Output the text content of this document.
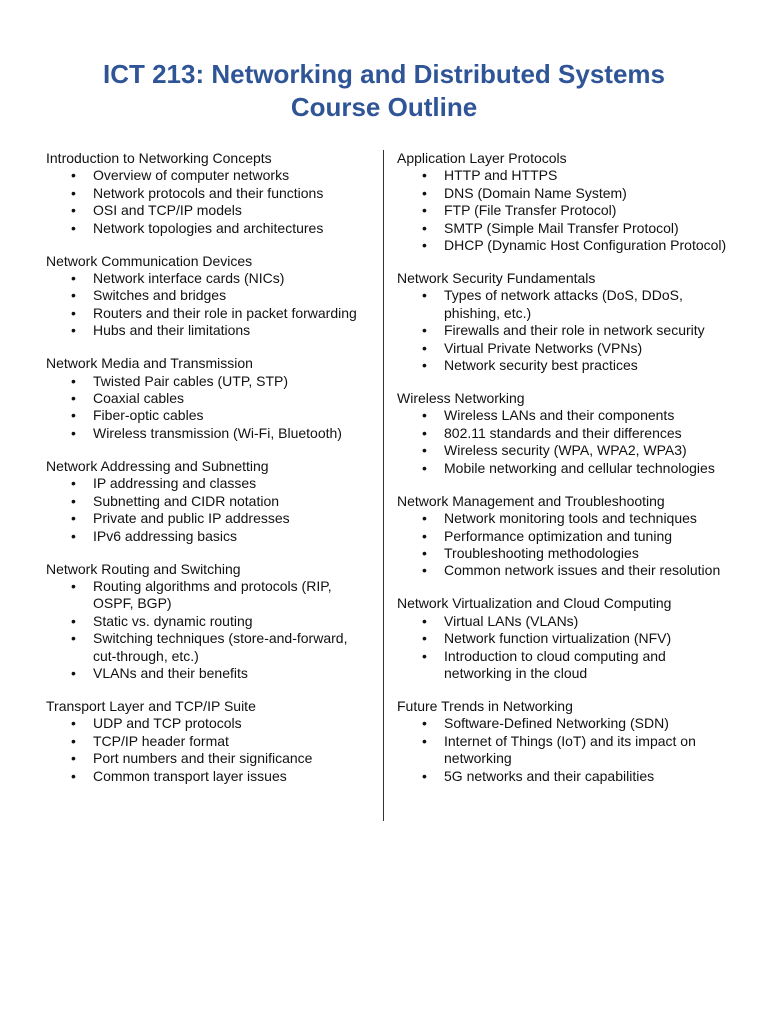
ICT 213: Networking and Distributed Systems
Course Outline
Introduction to Networking Concepts
• Overview of computer networks
• Network protocols and their functions
• OSI and TCP/IP models
• Network topologies and architectures
Network Communication Devices
• Network interface cards (NICs)
• Switches and bridges
• Routers and their role in packet forwarding
• Hubs and their limitations
Network Media and Transmission
• Twisted Pair cables (UTP, STP)
• Coaxial cables
• Fiber-optic cables
• Wireless transmission (Wi-Fi, Bluetooth)
Network Addressing and Subnetting
• IP addressing and classes
• Subnetting and CIDR notation
• Private and public IP addresses
• IPv6 addressing basics
Network Routing and Switching
• Routing algorithms and protocols (RIP, OSPF, BGP)
• Static vs. dynamic routing
• Switching techniques (store-and-forward, cut-through, etc.)
• VLANs and their benefits
Transport Layer and TCP/IP Suite
• UDP and TCP protocols
• TCP/IP header format
• Port numbers and their significance
• Common transport layer issues
Application Layer Protocols
• HTTP and HTTPS
• DNS (Domain Name System)
• FTP (File Transfer Protocol)
• SMTP (Simple Mail Transfer Protocol)
• DHCP (Dynamic Host Configuration Protocol)
Network Security Fundamentals
• Types of network attacks (DoS, DDoS, phishing, etc.)
• Firewalls and their role in network security
• Virtual Private Networks (VPNs)
• Network security best practices
Wireless Networking
• Wireless LANs and their components
• 802.11 standards and their differences
• Wireless security (WPA, WPA2, WPA3)
• Mobile networking and cellular technologies
Network Management and Troubleshooting
• Network monitoring tools and techniques
• Performance optimization and tuning
• Troubleshooting methodologies
• Common network issues and their resolution
Network Virtualization and Cloud Computing
• Virtual LANs (VLANs)
• Network function virtualization (NFV)
• Introduction to cloud computing and networking in the cloud
Future Trends in Networking
• Software-Defined Networking (SDN)
• Internet of Things (IoT) and its impact on networking
• 5G networks and their capabilities
